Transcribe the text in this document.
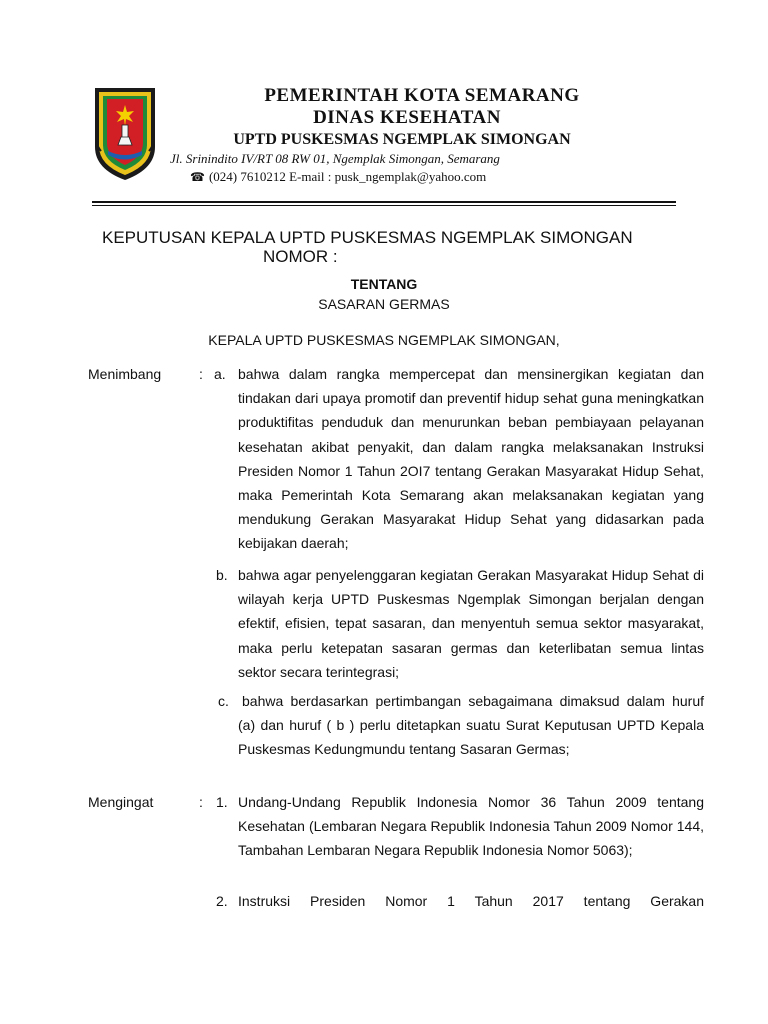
PEMERINTAH KOTA SEMARANG
DINAS KESEHATAN
UPTD PUSKESMAS NGEMPLAK SIMONGAN
Jl. Srinindito IV/RT 08 RW 01, Ngemplak Simongan, Semarang
☎ (024) 7610212 E-mail : pusk_ngemplak@yahoo.com
KEPUTUSAN KEPALA UPTD PUSKESMAS NGEMPLAK SIMONGAN
NOMOR :
TENTANG
SASARAN GERMAS
KEPALA UPTD PUSKESMAS NGEMPLAK SIMONGAN,
Menimbang	: a. bahwa dalam rangka mempercepat dan mensinergikan kegiatan dan tindakan dari upaya promotif dan preventif hidup sehat guna meningkatkan produktifitas penduduk dan menurunkan beban pembiayaan pelayanan kesehatan akibat penyakit, dan dalam rangka melaksanakan Instruksi Presiden Nomor 1 Tahun 2OI7 tentang Gerakan Masyarakat Hidup Sehat, maka Pemerintah Kota Semarang akan melaksanakan kegiatan yang mendukung Gerakan Masyarakat Hidup Sehat yang didasarkan pada kebijakan daerah;
b. bahwa agar penyelenggaran kegiatan Gerakan Masyarakat Hidup Sehat di wilayah kerja UPTD Puskesmas Ngemplak Simongan berjalan dengan efektif, efisien, tepat sasaran, dan menyentuh semua sektor masyarakat, maka perlu ketepatan sasaran germas dan keterlibatan semua lintas sektor secara terintegrasi;
c. bahwa berdasarkan pertimbangan sebagaimana dimaksud dalam huruf (a) dan huruf ( b ) perlu ditetapkan suatu Surat Keputusan UPTD Kepala Puskesmas Kedungmundu tentang Sasaran Germas;
Mengingat	: 1. Undang-Undang Republik Indonesia Nomor 36 Tahun 2009 tentang Kesehatan (Lembaran Negara Republik Indonesia Tahun 2009 Nomor 144, Tambahan Lembaran Negara Republik Indonesia Nomor 5063);
2. Instruksi Presiden Nomor 1 Tahun 2017 tentang Gerakan
